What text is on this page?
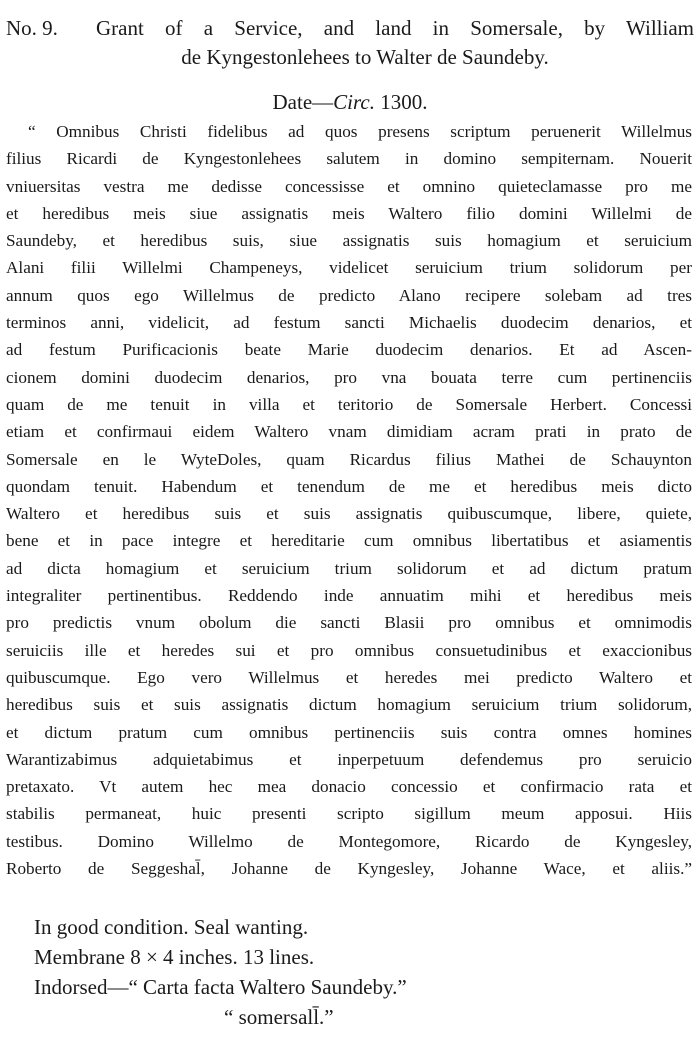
No. 9.	Grant of a Service, and land in Somersale, by William
de Kyngestonlehees to Walter de Saundeby.
Date—Circ. 1300.
“ Omnibus Christi fidelibus ad quos presens scriptum peruenerit Willelmus
filius Ricardi de Kyngestonlehees salutem in domino sempiternam. Nouerit
vniuersitas vestra me dedisse concessisse et omnino quieteclamasse pro me
et heredibus meis siue assignatis meis Waltero filio domini Willelmi de
Saundeby, et heredibus suis, siue assignatis suis homagium et seruicium
Alani filii Willelmi Champeneys, videlicet seruicium trium solidorum per
annum quos ego Willelmus de predicto Alano recipere solebam ad tres
terminos anni, videlicit, ad festum sancti Michaelis duodecim denarios, et
ad festum Purificacionis beate Marie duodecim denarios. Et ad Ascen-
cionem domini duodecim denarios, pro vna bouata terre cum pertinenciis
quam de me tenuit in villa et teritorio de Somersale Herbert. Concessi
etiam et confirmaui eidem Waltero vnam dimidiam acram prati in prato de
Somersale en le WyteDoles, quam Ricardus filius Mathei de Schauynton
quondam tenuit. Habendum et tenendum de me et heredibus meis dicto
Waltero et heredibus suis et suis assignatis quibuscumque, libere, quiete,
bene et in pace integre et hereditarie cum omnibus libertatibus et asiamentis
ad dicta homagium et seruicium trium solidorum et ad dictum pratum
integraliter pertinentibus. Reddendo inde annuatim mihi et heredibus meis
pro predictis vnum obolum die sancti Blasii pro omnibus et omnimodis
seruiciis ille et heredes sui et pro omnibus consuetudinibus et exaccionibus
quibuscumque. Ego vero Willelmus et heredes mei predicto Waltero et
heredibus suis et suis assignatis dictum homagium seruicium trium solidorum,
et dictum pratum cum omnibus pertinenciis suis contra omnes homines
Warantizabimus adquietabimus et inperpetuum defendemus pro seruicio
pretaxato. Vt autem hec mea donacio concessio et confirmacio rata et
stabilis permaneat, huic presenti scripto sigillum meum apposui. Hiis
testibus. Domino Willelmo de Montegomore, Ricardo de Kyngesley,
Roberto de Seggeshal̄, Johanne de Kyngesley, Johanne Wace, et aliis.”
In good condition. Seal wanting.
Membrane 8 × 4 inches. 13 lines.
Indorsed—“ Carta facta Waltero Saundeby.”
“ somersall̄.”
